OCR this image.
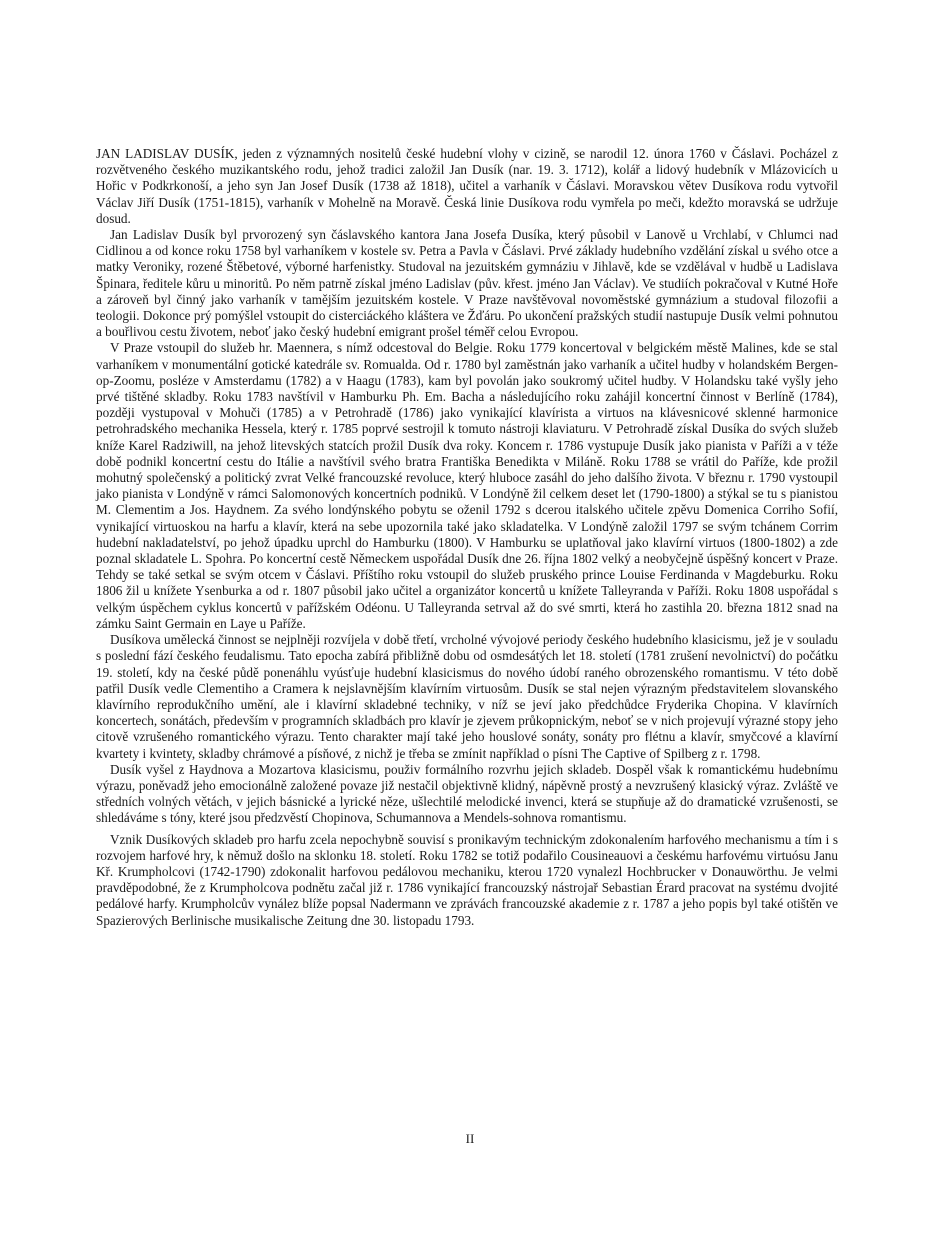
JAN LADISLAV DUSÍK, jeden z významných nositelů české hudební vlohy v cizině, se narodil 12. února 1760 v Čáslavi. Pocházel z rozvětveného českého muzikantského rodu, jehož tradici založil Jan Dusík (nar. 19. 3. 1712), kolář a lidový hudebník v Mlázovicích u Hořic v Podkrkonoší, a jeho syn Jan Josef Dusík (1738 až 1818), učitel a varhaník v Čáslavi. Moravskou větev Dusíkova rodu vytvořil Václav Jiří Dusík (1751-1815), varhaník v Mohelně na Moravě. Česká linie Dusíkova rodu vymřela po meči, kdežto moravská se udržuje dosud.

Jan Ladislav Dusík byl prvorozený syn čáslavského kantora Jana Josefa Dusíka, který působil v Lanově u Vrchlabí, v Chlumci nad Cidlinou a od konce roku 1758 byl varhaníkem v kostele sv. Petra a Pavla v Čáslavi. Prvé základy hudebního vzdělání získal u svého otce a matky Veroniky, rozené Štěbetové, výborné harfenistky. Studoval na jezuitském gymnáziu v Jihlavě, kde se vzdělával v hudbě u Ladislava Špinara, ředitele kůru u minoritů. Po něm patrně získal jméno Ladislav (pův. křest. jméno Jan Václav). Ve studiích pokračoval v Kutné Hoře a zároveň byl činný jako varhaník v tamějším jezuitském kostele. V Praze navštěvoval novoměstské gymnázium a studoval filozofii a teologii. Dokonce prý pomýšlel vstoupit do cisterciáckého kláštera ve Žďáru. Po ukončení pražských studií nastupuje Dusík velmi pohnutou a bouřlivou cestu životem, neboť jako český hudební emigrant prošel téměř celou Evropou.

V Praze vstoupil do služeb hr. Maennera, s nímž odcestoval do Belgie. Roku 1779 koncertoval v belgickém městě Malines, kde se stal varhaníkem v monumentální gotické katedrále sv. Romualda. Od r. 1780 byl zaměstnán jako varhaník a učitel hudby v holandském Bergen-op-Zoomu, posléze v Amsterdamu (1782) a v Haagu (1783), kam byl povolán jako soukromý učitel hudby. V Holandsku také vyšly jeho prvé tištěné skladby. Roku 1783 navštívil v Hamburku Ph. Em. Bacha a následujícího roku zahájil koncertní činnost v Berlíně (1784), později vystupoval v Mohuči (1785) a v Petrohradě (1786) jako vynikající klavírista a virtuos na klávesnicové sklenné harmonice petrohradského mechanika Hessela, který r. 1785 poprvé sestrojil k tomuto nástroji klaviaturu. V Petrohradě získal Dusíka do svých služeb kníže Karel Radziwill, na jehož litevských statcích prožil Dusík dva roky. Koncem r. 1786 vystupuje Dusík jako pianista v Paříži a v téže době podnikl koncertní cestu do Itálie a navštívil svého bratra Františka Benedikta v Miláně. Roku 1788 se vrátil do Paříže, kde prožil mohutný společenský a politický zvrat Velké francouzské revoluce, který hluboce zasáhl do jeho dalšího života. V březnu r. 1790 vystoupil jako pianista v Londýně v rámci Salomonových koncertních podniků. V Londýně žil celkem deset let (1790-1800) a stýkal se tu s pianistou M. Clementim a Jos. Haydnem. Za svého londýnského pobytu se oženil 1792 s dcerou italského učitele zpěvu Domenica Corriho Sofií, vynikající virtuoskou na harfu a klavír, která na sebe upozornila také jako skladatelka. V Londýně založil 1797 se svým tchánem Corrim hudební nakladatelství, po jehož úpadku uprchl do Hamburku (1800). V Hamburku se uplatňoval jako klavírní virtuos (1800-1802) a zde poznal skladatele L. Spohra. Po koncertní cestě Německem uspořádal Dusík dne 26. října 1802 velký a neobyčejně úspěšný koncert v Praze. Tehdy se také setkal se svým otcem v Čáslavi. Příštího roku vstoupil do služeb pruského prince Louise Ferdinanda v Magdeburku. Roku 1806 žil u knížete Ysenburka a od r. 1807 působil jako učitel a organizátor koncertů u knížete Talleyranda v Paříži. Roku 1808 uspořádal s velkým úspěchem cyklus koncertů v pařížském Odéonu. U Talleyranda setrval až do své smrti, která ho zastihla 20. března 1812 snad na zámku Saint Germain en Laye u Paříže.

Dusíkova umělecká činnost se nejplněji rozvíjela v době třetí, vrcholné vývojové periody českého hudebního klasicismu, jež je v souladu s poslední fází českého feudalismu. Tato epocha zabírá přibližně dobu od osmdesátých let 18. století (1781 zrušení nevolnictví) do počátku 19. století, kdy na české půdě ponenáhlu vyúsťuje hudební klasicismus do nového údobí raného obrozenského romantismu. V této době patřil Dusík vedle Clementiho a Cramera k nejslavnějším klavírním virtuosům. Dusík se stal nejen výrazným představitelem slovanského klavírního reprodukčního umění, ale i klavírní skladebné techniky, v níž se jeví jako předchůdce Fryderika Chopina. V klavírních koncertech, sonátách, především v programních skladbách pro klavír je zjevem průkopnickým, neboť se v nich projevují výrazné stopy jeho citově vzrušeného romantického výrazu. Tento charakter mají také jeho houslové sonáty, sonáty pro flétnu a klavír, smyčcové a klavírní kvartety i kvintety, skladby chrámové a písňové, z nichž je třeba se zmínit například o písni The Captive of Spilberg z r. 1798.

Dusík vyšel z Haydnova a Mozartova klasicismu, použiv formálního rozvrhu jejich skladeb. Dospěl však k romantickému hudebnímu výrazu, poněvadž jeho emocionálně založené povaze již nestačil objektivně klidný, nápěvně prostý a nevzrušený klasický výraz. Zvláště ve středních volných větách, v jejich básnické a lyrické něze, ušlechtilé melodické invenci, která se stupňuje až do dramatické vzrušenosti, se shledáváme s tóny, které jsou předzvěstí Chopinova, Schumannova a Mendels-sohnova romantismu.

Vznik Dusíkových skladeb pro harfu zcela nepochybně souvisí s pronikavým technickým zdokonalením harfového mechanismu a tím i s rozvojem harfové hry, k němuž došlo na sklonku 18. století. Roku 1782 se totiž podařilo Cousineauovi a českému harfovému virtuósu Janu Kř. Krumpholcovi (1742-1790) zdokonalit harfovou pedálovou mechaniku, kterou 1720 vynalezl Hochbrucker v Donauwörthu. Je velmi pravděpodobné, že z Krumpholcova podnětu začal již r. 1786 vynikající francouzský nástrojař Sebastian Érard pracovat na systému dvojité pedálové harfy. Krumpholcův vynález blíže popsal Nadermann ve zprávách francouzské akademie z r. 1787 a jeho popis byl také otištěn ve Spazierových Berlinische musikalische Zeitung dne 30. listopadu 1793.

II
